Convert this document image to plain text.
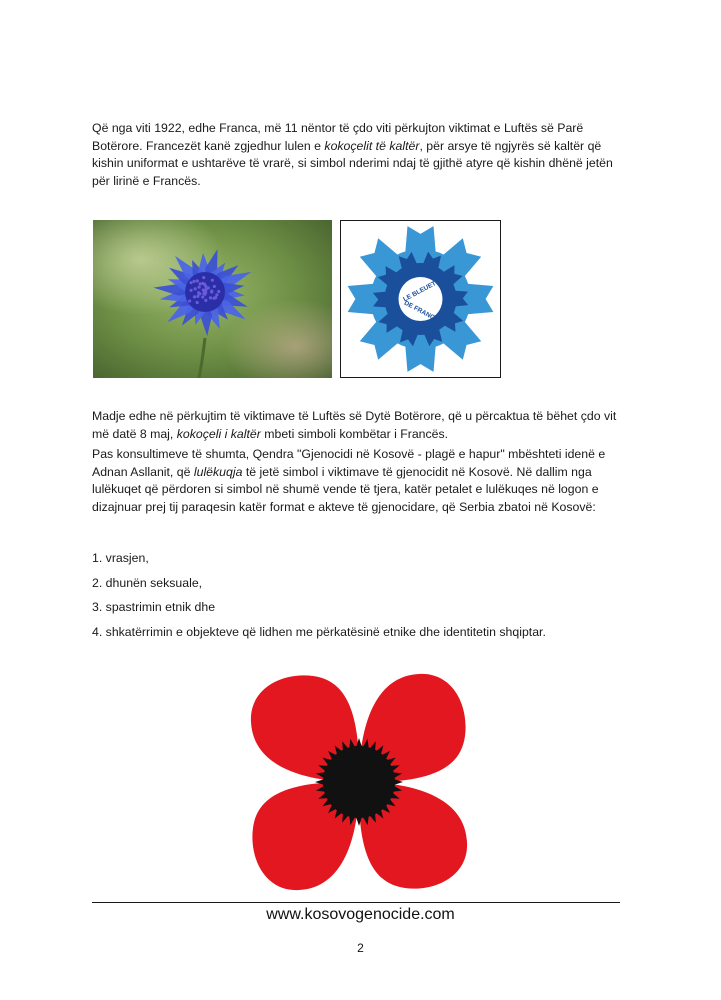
Që nga viti 1922, edhe Franca, më 11 nëntor të çdo viti përkujton viktimat e Luftës së Parë Botërore. Francezët kanë zgjedhur lulen e kokoçelit të kaltër, për arsye të ngjyrës së kaltër që kishin uniformat e ushtarëve të vrarë, si simbol nderimi ndaj të gjithë atyre që kishin dhënë jetën për lirinë e Francës.
LE BLEUET
DE FRANCE
Madje edhe në përkujtim të viktimave të Luftës së Dytë Botërore, që u përcaktua të bëhet çdo vit më datë 8 maj, kokoçeli i kaltër mbeti simboli kombëtar i Francës.
Pas konsultimeve të shumta, Qendra "Gjenocidi në Kosovë - plagë e hapur" mbështeti idenë e Adnan Asllanit, që lulëkuqja të jetë simbol i viktimave të gjenocidit në Kosovë. Në dallim nga lulëkuqet që përdoren si simbol në shumë vende të tjera, katër petalet e lulëkuqes në logon e dizajnuar prej tij paraqesin katër format e akteve të gjenocidare, që Serbia zbatoi në Kosovë:
1. vrasjen,
2. dhunën seksuale,
3. spastrimin etnik dhe
4. shkatërrimin e objekteve që lidhen me përkatësinë etnike dhe identitetin shqiptar.
www.kosovogenocide.com
2
